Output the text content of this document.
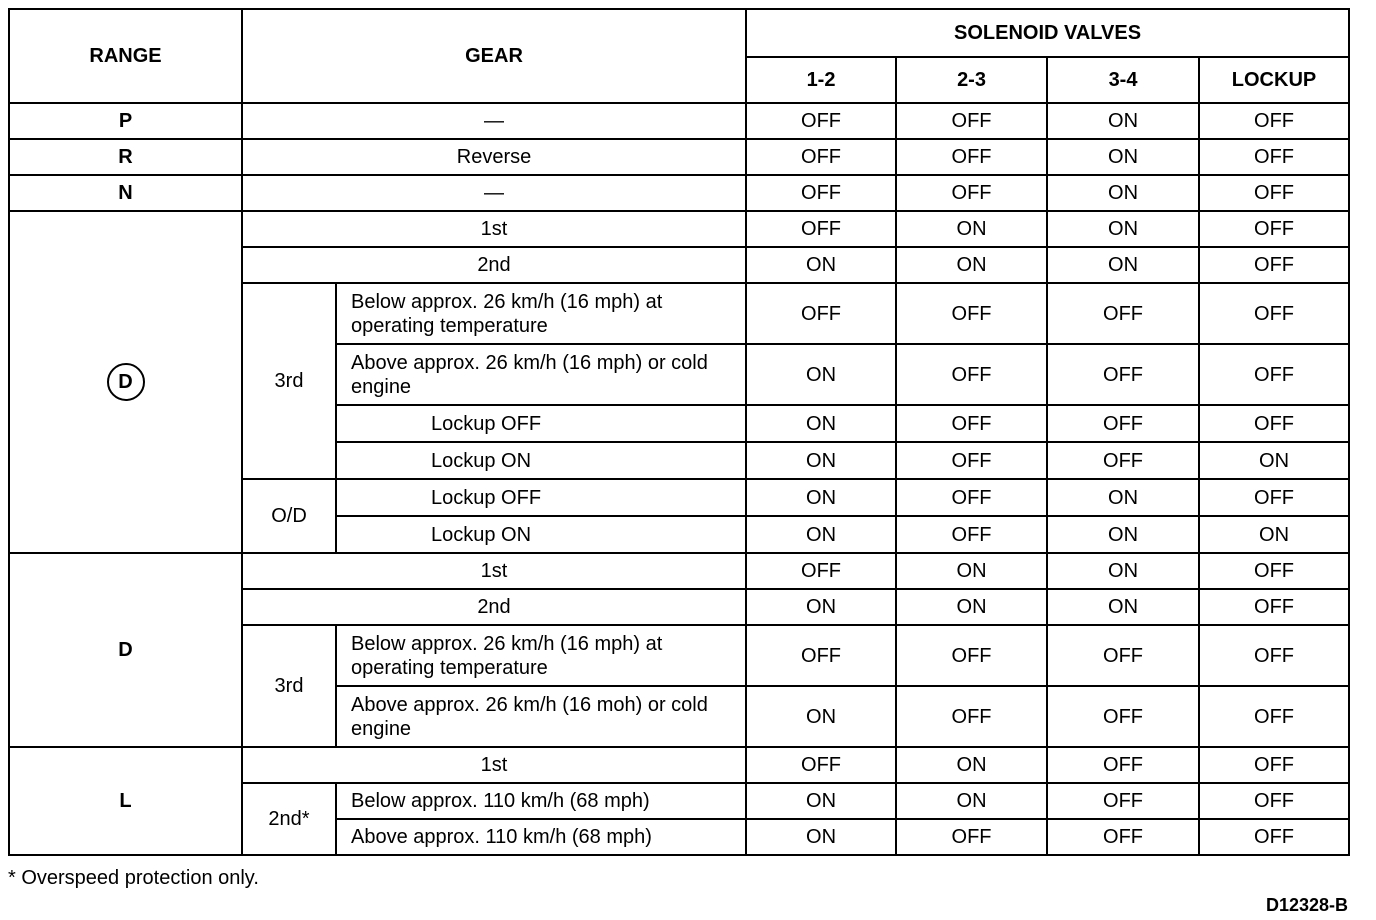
RANGE	GEAR		SOLENOID VALVES			
			1-2	2-3	3-4	LOCKUP
P	—		OFF	OFF	ON	OFF
R	Reverse		OFF	OFF	ON	OFF
N	—		OFF	OFF	ON	OFF
D	1st		OFF	ON	ON	OFF
	2nd		ON	ON	ON	OFF
	3rd	Below approx. 26 km/h (16 mph) at operating temperature	OFF	OFF	OFF	OFF
		Above approx. 26 km/h (16 mph) or cold engine	ON	OFF	OFF	OFF
		Lockup OFF	ON	OFF	OFF	OFF
		Lockup ON	ON	OFF	OFF	ON
	O/D	Lockup OFF	ON	OFF	ON	OFF
		Lockup ON	ON	OFF	ON	ON
D	1st		OFF	ON	ON	OFF
	2nd		ON	ON	ON	OFF
	3rd	Below approx. 26 km/h (16 mph) at operating temperature	OFF	OFF	OFF	OFF
		Above approx. 26 km/h (16 moh) or cold engine	ON	OFF	OFF	OFF
L	1st		OFF	ON	OFF	OFF
	2nd*	Below approx. 110 km/h (68 mph)	ON	ON	OFF	OFF
		Above approx. 110 km/h (68 mph)	ON	OFF	OFF	OFF
* Overspeed protection only.
D12328-B
